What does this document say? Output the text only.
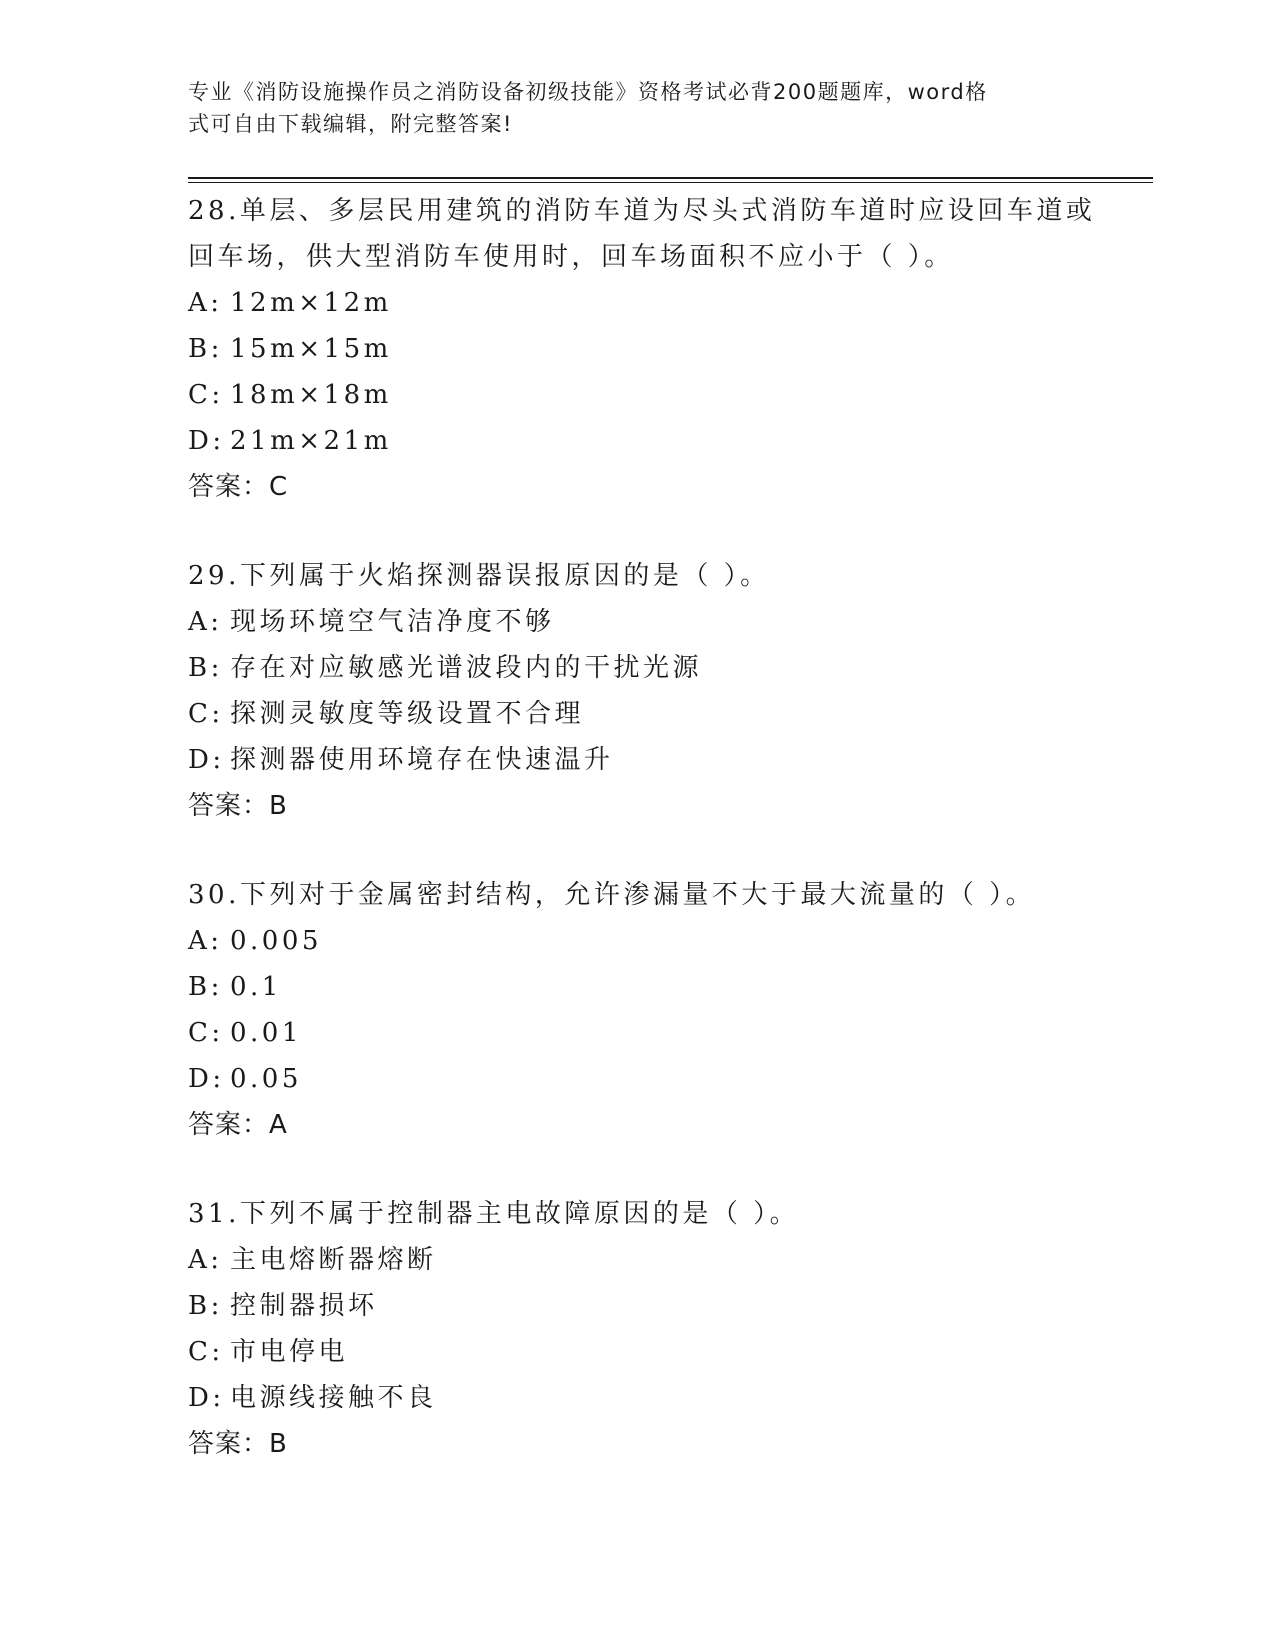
专业《消防设施操作员之消防设备初级技能》资格考试必背200题题库，word格
式可自由下载编辑，附完整答案!

28.单层、多层民用建筑的消防车道为尽头式消防车道时应设回车道或
回车场，供大型消防车使用时，回车场面积不应小于（ ）。

A: 12m×12m
B: 15m×15m
C: 18m×18m
D: 21m×21m
答案：C

29.下列属于火焰探测器误报原因的是（ ）。

A: 现场环境空气洁净度不够
B: 存在对应敏感光谱波段内的干扰光源
C: 探测灵敏度等级设置不合理
D: 探测器使用环境存在快速温升
答案：B

30.下列对于金属密封结构，允许渗漏量不大于最大流量的（ ）。

A: 0.005
B: 0.1
C: 0.01
D: 0.05
答案：A

31.下列不属于控制器主电故障原因的是（ ）。

A: 主电熔断器熔断
B: 控制器损坏
C: 市电停电
D: 电源线接触不良
答案：B
